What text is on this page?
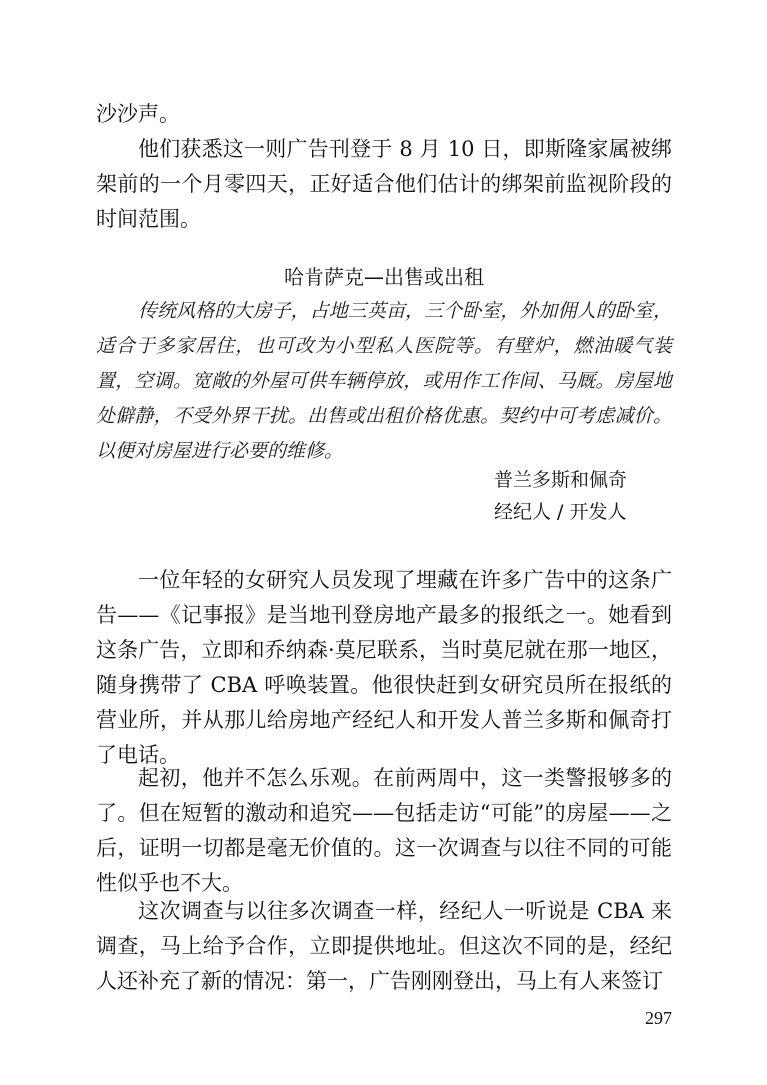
沙沙声。

他们获悉这一则广告刊登于 8 月 10 日，即斯隆家属被绑架前的一个月零四天，正好适合他们估计的绑架前监视阶段的时间范围。

哈肯萨克—出售或出租

传统风格的大房子，占地三英亩，三个卧室，外加佣人的卧室，适合于多家居住，也可改为小型私人医院等。有壁炉，燃油暖气装置，空调。宽敞的外屋可供车辆停放，或用作工作间、马厩。房屋地处僻静，不受外界干扰。出售或出租价格优惠。契约中可考虑减价。以便对房屋进行必要的维修。

普兰多斯和佩奇

经纪人 / 开发人

一位年轻的女研究人员发现了埋藏在许多广告中的这条广告——《记事报》是当地刊登房地产最多的报纸之一。她看到这条广告，立即和乔纳森·莫尼联系，当时莫尼就在那一地区，随身携带了 CBA 呼唤装置。他很快赶到女研究员所在报纸的营业所，并从那儿给房地产经纪人和开发人普兰多斯和佩奇打了电话。

起初，他并不怎么乐观。在前两周中，这一类警报够多的了。但在短暂的激动和追究——包括走访“可能”的房屋——之后，证明一切都是毫无价值的。这一次调查与以往不同的可能性似乎也不大。

这次调查与以往多次调查一样，经纪人一听说是 CBA 来调查，马上给予合作，立即提供地址。但这次不同的是，经纪人还补充了新的情况：第一，广告刚刚登出，马上有人来签订

297
